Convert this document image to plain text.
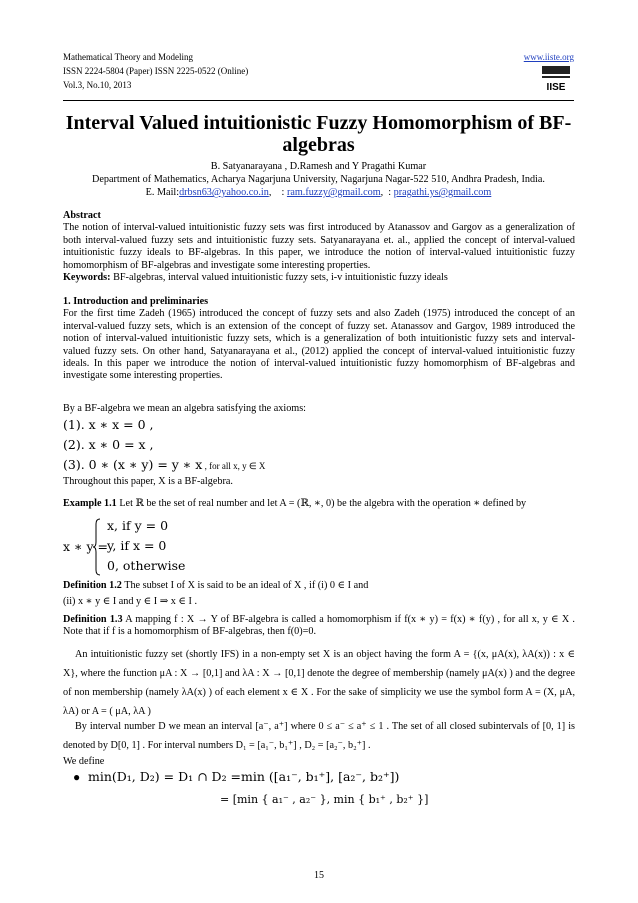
Mathematical Theory and Modeling
ISSN 2224-5804 (Paper) ISSN 2225-0522 (Online)
Vol.3, No.10, 2013
www.iiste.org
IISE
Interval Valued intuitionistic Fuzzy Homomorphism of BF-algebras
B. Satyanarayana , D.Ramesh and Y Pragathi Kumar
Department of Mathematics, Acharya Nagarjuna University, Nagarjuna Nagar-522 510, Andhra Pradesh, India.
E. Mail:drbsn63@yahoo.co.in,    : ram.fuzzy@gmail.com,  : pragathi.ys@gmail.com
Abstract
The notion of interval-valued intuitionistic fuzzy sets was first introduced by Atanassov and Gargov as a generalization of both interval-valued fuzzy sets and intuitionistic fuzzy sets. Satyanarayana et. al., applied the concept of interval-valued intuitionistic fuzzy ideals to BF-algebras. In this paper, we introduce the notion of interval-valued intuitionistic fuzzy homomorphism of BF-algebras and investigate some interesting properties.
Keywords: BF-algebras, interval valued intuitionistic fuzzy sets, i-v intuitionistic fuzzy ideals
1. Introduction and preliminaries
For the first time Zadeh (1965) introduced the concept of fuzzy sets and also Zadeh (1975) introduced the concept of an interval-valued fuzzy sets, which is an extension of the concept of fuzzy set. Atanassov and Gargov, 1989 introduced the notion of interval-valued intuitionistic fuzzy sets, which is a generalization of both intuitionistic fuzzy sets and interval-valued fuzzy sets. On other hand, Satyanarayana et al., (2012) applied the concept of interval-valued intuitionistic fuzzy ideals. In this paper we introduce the notion of interval-valued intuitionistic fuzzy homomorphism of BF-algebras and investigate some interesting properties.
By a BF-algebra we mean an algebra satisfying the axioms:
(1). x ∗ x = 0 ,
(2). x ∗ 0 = x ,
(3). 0 ∗ (x ∗ y) = y ∗ x , for all x, y ∈ X
Throughout this paper, X is a BF-algebra.
Example 1.1 Let ℝ be the set of real number and let A = (ℝ, ∗, 0) be the algebra with the operation ∗ defined by
x ∗ y =
x, if y = 0
y, if x = 0
0, otherwise
Definition 1.2 The subset I of X is said to be an ideal of X , if (i) 0 ∈ I and
(ii) x ∗ y ∈ I and y ∈ I ⇒ x ∈ I .
Definition 1.3 A mapping f : X → Y of BF-algebra is called a homomorphism if f(x ∗ y) = f(x) ∗ f(y) , for all x, y ∈ X . Note that if f is a homomorphism of BF-algebras, then f(0)=0.
An intuitionistic fuzzy set (shortly IFS) in a non-empty set X is an object having the form A = {(x, μA(x), λA(x)) : x ∈ X}, where the function μA : X → [0,1] and λA : X → [0,1] denote the degree of membership (namely μA(x) ) and the degree of non membership (namely λA(x) ) of each element x ∈ X . For the sake of simplicity we use the symbol form A = (X, μA, λA) or A = ( μA, λA )
By interval number D we mean an interval [a⁻, a⁺] where 0 ≤ a⁻ ≤ a⁺ ≤ 1 . The set of all closed subintervals of [0, 1] is denoted by D[0, 1] . For interval numbers D₁ = [a₁⁻, b₁⁺] , D₂ = [a₂⁻, b₂⁺] .
We define
● min(D₁, D₂) = D₁ ∩ D₂ =min ([a₁⁻, b₁⁺], [a₂⁻, b₂⁺])
= [min { a₁⁻ , a₂⁻ }, min { b₁⁺ , b₂⁺ }]
15
